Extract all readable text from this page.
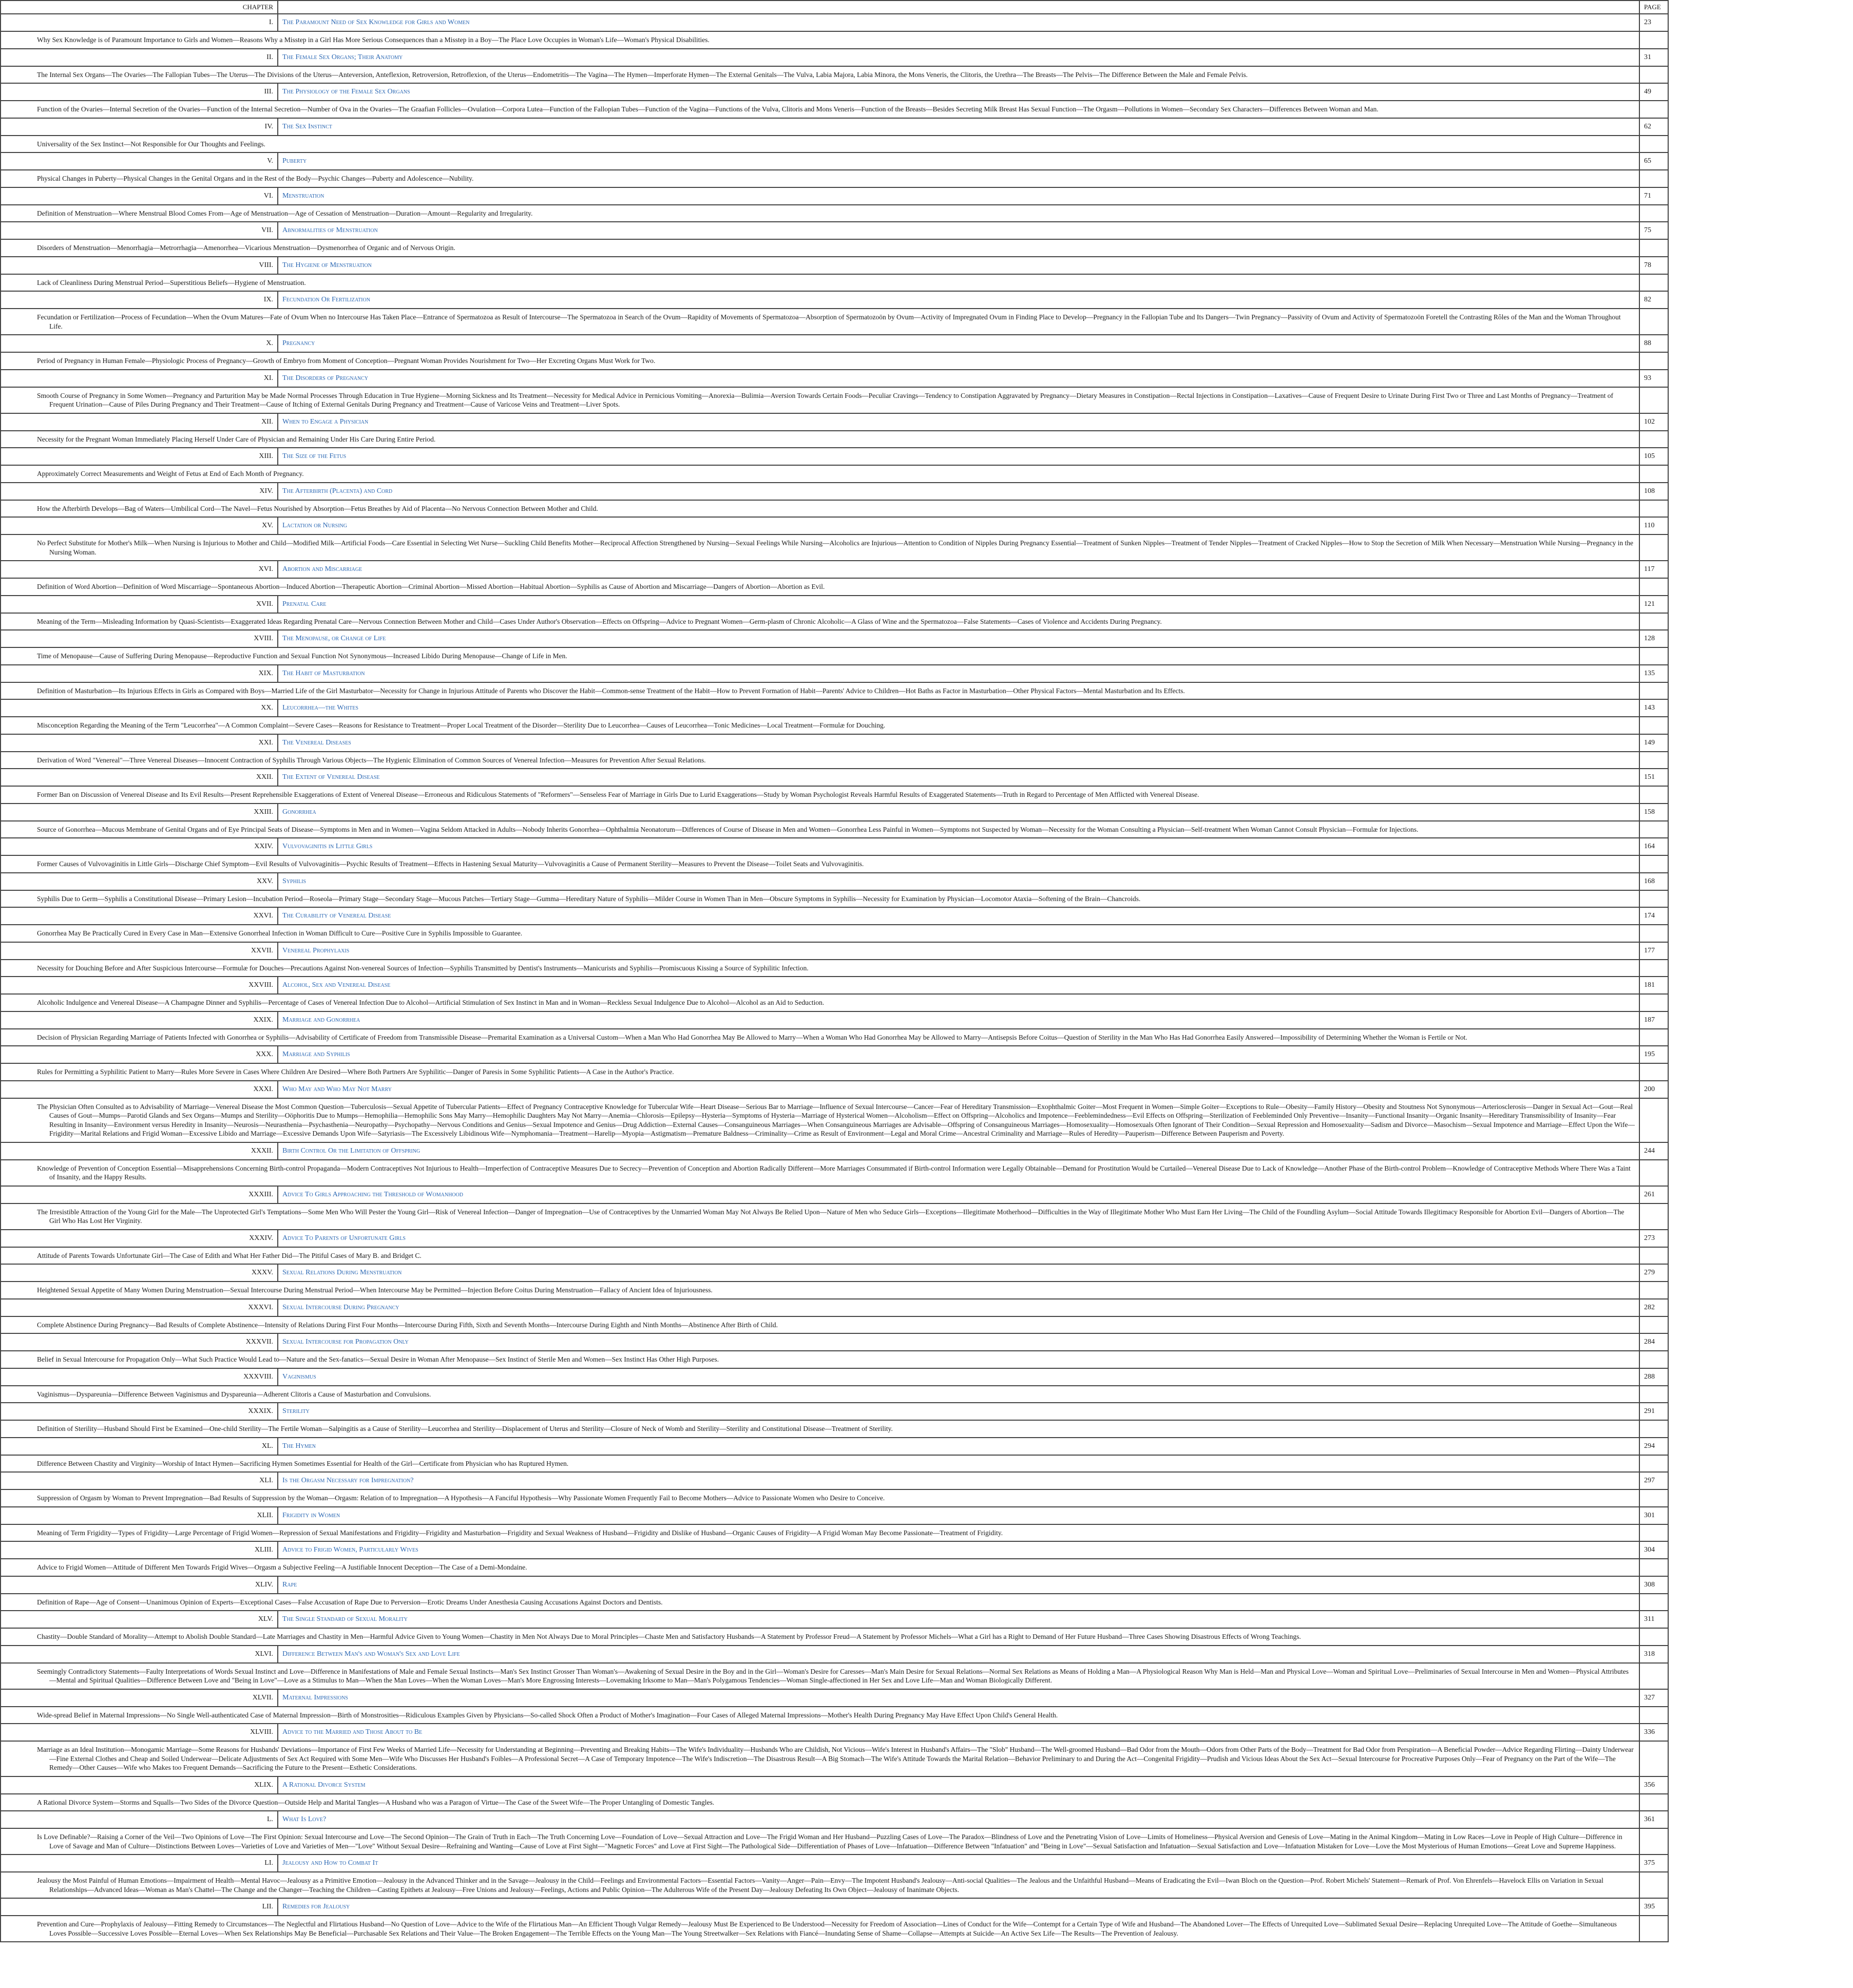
CHAPTER		PAGE
I.	The Paramount Need of Sex Knowledge for Girls and Women	23
Why Sex Knowledge is of Paramount Importance to Girls and Women—Reasons Why a Misstep in a Girl Has More Serious Consequences than a Misstep in a Boy—The Place Love Occupies in Woman's Life—Woman's Physical Disabilities.		
II.	The Female Sex Organs; Their Anatomy	31
The Internal Sex Organs—The Ovaries—The Fallopian Tubes—The Uterus—The Divisions of the Uterus—Anteversion, Anteflexion, Retroversion, Retroflexion, of the Uterus—Endometritis—The Vagina—The Hymen—Imperforate Hymen—The External Genitals—The Vulva, Labia Majora, Labia Minora, the Mons Veneris, the Clitoris, the Urethra—The Breasts—The Pelvis—The Difference Between the Male and Female Pelvis.		
III.	The Physiology of the Female Sex Organs	49
Function of the Ovaries—Internal Secretion of the Ovaries—Function of the Internal Secretion—Number of Ova in the Ovaries—The Graafian Follicles—Ovulation—Corpora Lutea—Function of the Fallopian Tubes—Function of the Vagina—Functions of the Vulva, Clitoris and Mons Veneris—Function of the Breasts—Besides Secreting Milk Breast Has Sexual Function—The Orgasm—Pollutions in Women—Secondary Sex Characters—Differences Between Woman and Man.		
IV.	The Sex Instinct	62
Universality of the Sex Instinct—Not Responsible for Our Thoughts and Feelings.		
V.	Puberty	65
Physical Changes in Puberty—Physical Changes in the Genital Organs and in the Rest of the Body—Psychic Changes—Puberty and Adolescence—Nubility.		
VI.	Menstruation	71
Definition of Menstruation—Where Menstrual Blood Comes From—Age of Menstruation—Age of Cessation of Menstruation—Duration—Amount—Regularity and Irregularity.		
VII.	Abnormalities of Menstruation	75
Disorders of Menstruation—Menorrhagia—Metrorrhagia—Amenorrhea—Vicarious Menstruation—Dysmenorrhea of Organic and of Nervous Origin.		
VIII.	The Hygiene of Menstruation	78
Lack of Cleanliness During Menstrual Period—Superstitious Beliefs—Hygiene of Menstruation.		
IX.	Fecundation Or Fertilization	82
Fecundation or Fertilization—Process of Fecundation—When the Ovum Matures—Fate of Ovum When no Intercourse Has Taken Place—Entrance of Spermatozoa as Result of Intercourse—The Spermatozoa in Search of the Ovum—Rapidity of Movements of Spermatozoa—Absorption of Spermatozoön by Ovum—Activity of Impregnated Ovum in Finding Place to Develop—Pregnancy in the Fallopian Tube and Its Dangers—Twin Pregnancy—Passivity of Ovum and Activity of Spermatozoön Foretell the Contrasting Rôles of the Man and the Woman Throughout Life.		
X.	Pregnancy	88
Period of Pregnancy in Human Female—Physiologic Process of Pregnancy—Growth of Embryo from Moment of Conception—Pregnant Woman Provides Nourishment for Two—Her Excreting Organs Must Work for Two.		
XI.	The Disorders of Pregnancy	93
Smooth Course of Pregnancy in Some Women—Pregnancy and Parturition May be Made Normal Processes Through Education in True Hygiene—Morning Sickness and Its Treatment—Necessity for Medical Advice in Pernicious Vomiting—Anorexia—Bulimia—Aversion Towards Certain Foods—Peculiar Cravings—Tendency to Constipation Aggravated by Pregnancy—Dietary Measures in Constipation—Rectal Injections in Constipation—Laxatives—Cause of Frequent Desire to Urinate During First Two or Three and Last Months of Pregnancy—Treatment of Frequent Urination—Cause of Piles During Pregnancy and Their Treatment—Cause of Itching of External Genitals During Pregnancy and Treatment—Cause of Varicose Veins and Treatment—Liver Spots.		
XII.	When to Engage a Physician	102
Necessity for the Pregnant Woman Immediately Placing Herself Under Care of Physician and Remaining Under His Care During Entire Period.		
XIII.	The Size of the Fetus	105
Approximately Correct Measurements and Weight of Fetus at End of Each Month of Pregnancy.		
XIV.	The Afterbirth (Placenta) and Cord	108
How the Afterbirth Develops—Bag of Waters—Umbilical Cord—The Navel—Fetus Nourished by Absorption—Fetus Breathes by Aid of Placenta—No Nervous Connection Between Mother and Child.		
XV.	Lactation or Nursing	110
No Perfect Substitute for Mother's Milk—When Nursing is Injurious to Mother and Child—Modified Milk—Artificial Foods—Care Essential in Selecting Wet Nurse—Suckling Child Benefits Mother—Reciprocal Affection Strengthened by Nursing—Sexual Feelings While Nursing—Alcoholics are Injurious—Attention to Condition of Nipples During Pregnancy Essential—Treatment of Sunken Nipples—Treatment of Tender Nipples—Treatment of Cracked Nipples—How to Stop the Secretion of Milk When Necessary—Menstruation While Nursing—Pregnancy in the Nursing Woman.		
XVI.	Abortion and Miscarriage	117
Definition of Word Abortion—Definition of Word Miscarriage—Spontaneous Abortion—Induced Abortion—Therapeutic Abortion—Criminal Abortion—Missed Abortion—Habitual Abortion—Syphilis as Cause of Abortion and Miscarriage—Dangers of Abortion—Abortion as Evil.		
XVII.	Prenatal Care	121
Meaning of the Term—Misleading Information by Quasi-Scientists—Exaggerated Ideas Regarding Prenatal Care—Nervous Connection Between Mother and Child—Cases Under Author's Observation—Effects on Offspring—Advice to Pregnant Women—Germ-plasm of Chronic Alcoholic—A Glass of Wine and the Spermatozoa—False Statements—Cases of Violence and Accidents During Pregnancy.		
XVIII.	The Menopause, or Change of Life	128
Time of Menopause—Cause of Suffering During Menopause—Reproductive Function and Sexual Function Not Synonymous—Increased Libido During Menopause—Change of Life in Men.		
XIX.	The Habit of Masturbation	135
Definition of Masturbation—Its Injurious Effects in Girls as Compared with Boys—Married Life of the Girl Masturbator—Necessity for Change in Injurious Attitude of Parents who Discover the Habit—Common-sense Treatment of the Habit—How to Prevent Formation of Habit—Parents' Advice to Children—Hot Baths as Factor in Masturbation—Other Physical Factors—Mental Masturbation and Its Effects.		
XX.	Leucorrhea—the Whites	143
Misconception Regarding the Meaning of the Term "Leucorrhea"—A Common Complaint—Severe Cases—Reasons for Resistance to Treatment—Proper Local Treatment of the Disorder—Sterility Due to Leucorrhea—Causes of Leucorrhea—Tonic Medicines—Local Treatment—Formulæ for Douching.		
XXI.	The Venereal Diseases	149
Derivation of Word "Venereal"—Three Venereal Diseases—Innocent Contraction of Syphilis Through Various Objects—The Hygienic Elimination of Common Sources of Venereal Infection—Measures for Prevention After Sexual Relations.		
XXII.	The Extent of Venereal Disease	151
Former Ban on Discussion of Venereal Disease and Its Evil Results—Present Reprehensible Exaggerations of Extent of Venereal Disease—Erroneous and Ridiculous Statements of "Reformers"—Senseless Fear of Marriage in Girls Due to Lurid Exaggerations—Study by Woman Psychologist Reveals Harmful Results of Exaggerated Statements—Truth in Regard to Percentage of Men Afflicted with Venereal Disease.		
XXIII.	Gonorrhea	158
Source of Gonorrhea—Mucous Membrane of Genital Organs and of Eye Principal Seats of Disease—Symptoms in Men and in Women—Vagina Seldom Attacked in Adults—Nobody Inherits Gonorrhea—Ophthalmia Neonatorum—Differences of Course of Disease in Men and Women—Gonorrhea Less Painful in Women—Symptoms not Suspected by Woman—Necessity for the Woman Consulting a Physician—Self-treatment When Woman Cannot Consult Physician—Formulæ for Injections.		
XXIV.	Vulvovaginitis in Little Girls	164
Former Causes of Vulvovaginitis in Little Girls—Discharge Chief Symptom—Evil Results of Vulvovaginitis—Psychic Results of Treatment—Effects in Hastening Sexual Maturity—Vulvovaginitis a Cause of Permanent Sterility—Measures to Prevent the Disease—Toilet Seats and Vulvovaginitis.		
XXV.	Syphilis	168
Syphilis Due to Germ—Syphilis a Constitutional Disease—Primary Lesion—Incubation Period—Roseola—Primary Stage—Secondary Stage—Mucous Patches—Tertiary Stage—Gumma—Hereditary Nature of Syphilis—Milder Course in Women Than in Men—Obscure Symptoms in Syphilis—Necessity for Examination by Physician—Locomotor Ataxia—Softening of the Brain—Chancroids.		
XXVI.	The Curability of Venereal Disease	174
Gonorrhea May Be Practically Cured in Every Case in Man—Extensive Gonorrheal Infection in Woman Difficult to Cure—Positive Cure in Syphilis Impossible to Guarantee.		
XXVII.	Venereal Prophylaxis	177
Necessity for Douching Before and After Suspicious Intercourse—Formulæ for Douches—Precautions Against Non-venereal Sources of Infection—Syphilis Transmitted by Dentist's Instruments—Manicurists and Syphilis—Promiscuous Kissing a Source of Syphilitic Infection.		
XXVIII.	Alcohol, Sex and Venereal Disease	181
Alcoholic Indulgence and Venereal Disease—A Champagne Dinner and Syphilis—Percentage of Cases of Venereal Infection Due to Alcohol—Artificial Stimulation of Sex Instinct in Man and in Woman—Reckless Sexual Indulgence Due to Alcohol—Alcohol as an Aid to Seduction.		
XXIX.	Marriage and Gonorrhea	187
Decision of Physician Regarding Marriage of Patients Infected with Gonorrhea or Syphilis—Advisability of Certificate of Freedom from Transmissible Disease—Premarital Examination as a Universal Custom—When a Man Who Had Gonorrhea May Be Allowed to Marry—When a Woman Who Had Gonorrhea May be Allowed to Marry—Antisepsis Before Coitus—Question of Sterility in the Man Who Has Had Gonorrhea Easily Answered—Impossibility of Determining Whether the Woman is Fertile or Not.		
XXX.	Marriage and Syphilis	195
Rules for Permitting a Syphilitic Patient to Marry—Rules More Severe in Cases Where Children Are Desired—Where Both Partners Are Syphilitic—Danger of Paresis in Some Syphilitic Patients—A Case in the Author's Practice.		
XXXI.	Who May and Who May Not Marry	200
The Physician Often Consulted as to Advisability of Marriage—Venereal Disease the Most Common Question—Tuberculosis—Sexual Appetite of Tubercular Patients—Effect of Pregnancy Contraceptive Knowledge for Tubercular Wife—Heart Disease—Serious Bar to Marriage—Influence of Sexual Intercourse—Cancer—Fear of Hereditary Transmission—Exophthalmic Goiter—Most Frequent in Women—Simple Goiter—Exceptions to Rule—Obesity—Family History—Obesity and Stoutness Not Synonymous—Arteriosclerosis—Danger in Sexual Act—Gout—Real Causes of Gout—Mumps—Parotid Glands and Sex Organs—Mumps and Sterility—Oöphoritis Due to Mumps—Hemophilia—Hemophilic Sons May Marry—Hemophilic Daughters May Not Marry—Anemia—Chlorosis—Epilepsy—Hysteria—Symptoms of Hysteria—Marriage of Hysterical Women—Alcoholism—Effect on Offspring—Alcoholics and Impotence—Feeblemindedness—Evil Effects on Offspring—Sterilization of Feebleminded Only Preventive—Insanity—Functional Insanity—Organic Insanity—Hereditary Transmissibility of Insanity—Fear Resulting in Insanity—Environment versus Heredity in Insanity—Neurosis—Neurasthenia—Psychasthenia—Neuropathy—Psychopathy—Nervous Conditions and Genius—Sexual Impotence and Genius—Drug Addiction—External Causes—Consanguineous Marriages—When Consanguineous Marriages are Advisable—Offspring of Consanguineous Marriages—Homosexuality—Homosexuals Often Ignorant of Their Condition—Sexual Repression and Homosexuality—Sadism and Divorce—Masochism—Sexual Impotence and Marriage—Effect Upon the Wife—Frigidity—Marital Relations and Frigid Woman—Excessive Libido and Marriage—Excessive Demands Upon Wife—Satyriasis—The Excessively Libidinous Wife—Nymphomania—Treatment—Harelip—Myopia—Astigmatism—Premature Baldness—Criminality—Crime as Result of Environment—Legal and Moral Crime—Ancestral Criminality and Marriage—Rules of Heredity—Pauperism—Difference Between Pauperism and Poverty.		
XXXII.	Birth Control Or the Limitation of Offspring	244
Knowledge of Prevention of Conception Essential—Misapprehensions Concerning Birth-control Propaganda—Modern Contraceptives Not Injurious to Health—Imperfection of Contraceptive Measures Due to Secrecy—Prevention of Conception and Abortion Radically Different—More Marriages Consummated if Birth-control Information were Legally Obtainable—Demand for Prostitution Would be Curtailed—Venereal Disease Due to Lack of Knowledge—Another Phase of the Birth-control Problem—Knowledge of Contraceptive Methods Where There Was a Taint of Insanity, and the Happy Results.		
XXXIII.	Advice To Girls Approaching the Threshold of Womanhood	261
The Irresistible Attraction of the Young Girl for the Male—The Unprotected Girl's Temptations—Some Men Who Will Pester the Young Girl—Risk of Venereal Infection—Danger of Impregnation—Use of Contraceptives by the Unmarried Woman May Not Always Be Relied Upon—Nature of Men who Seduce Girls—Exceptions—Illegitimate Motherhood—Difficulties in the Way of Illegitimate Mother Who Must Earn Her Living—The Child of the Foundling Asylum—Social Attitude Towards Illegitimacy Responsible for Abortion Evil—Dangers of Abortion—The Girl Who Has Lost Her Virginity.		
XXXIV.	Advice To Parents of Unfortunate Girls	273
Attitude of Parents Towards Unfortunate Girl—The Case of Edith and What Her Father Did—The Pitiful Cases of Mary B. and Bridget C.		
XXXV.	Sexual Relations During Menstruation	279
Heightened Sexual Appetite of Many Women During Menstruation—Sexual Intercourse During Menstrual Period—When Intercourse May be Permitted—Injection Before Coitus During Menstruation—Fallacy of Ancient Idea of Injuriousness.		
XXXVI.	Sexual Intercourse During Pregnancy	282
Complete Abstinence During Pregnancy—Bad Results of Complete Abstinence—Intensity of Relations During First Four Months—Intercourse During Fifth, Sixth and Seventh Months—Intercourse During Eighth and Ninth Months—Abstinence After Birth of Child.		
XXXVII.	Sexual Intercourse for Propagation Only	284
Belief in Sexual Intercourse for Propagation Only—What Such Practice Would Lead to—Nature and the Sex-fanatics—Sexual Desire in Woman After Menopause—Sex Instinct of Sterile Men and Women—Sex Instinct Has Other High Purposes.		
XXXVIII.	Vaginismus	288
Vaginismus—Dyspareunia—Difference Between Vaginismus and Dyspareunia—Adherent Clitoris a Cause of Masturbation and Convulsions.		
XXXIX.	Sterility	291
Definition of Sterility—Husband Should First be Examined—One-child Sterility—The Fertile Woman—Salpingitis as a Cause of Sterility—Leucorrhea and Sterility—Displacement of Uterus and Sterility—Closure of Neck of Womb and Sterility—Sterility and Constitutional Disease—Treatment of Sterility.		
XL.	The Hymen	294
Difference Between Chastity and Virginity—Worship of Intact Hymen—Sacrificing Hymen Sometimes Essential for Health of the Girl—Certificate from Physician who has Ruptured Hymen.		
XLI.	Is the Orgasm Necessary for Impregnation?	297
Suppression of Orgasm by Woman to Prevent Impregnation—Bad Results of Suppression by the Woman—Orgasm: Relation of to Impregnation—A Hypothesis—A Fanciful Hypothesis—Why Passionate Women Frequently Fail to Become Mothers—Advice to Passionate Women who Desire to Conceive.		
XLII.	Frigidity in Women	301
Meaning of Term Frigidity—Types of Frigidity—Large Percentage of Frigid Women—Repression of Sexual Manifestations and Frigidity—Frigidity and Masturbation—Frigidity and Sexual Weakness of Husband—Frigidity and Dislike of Husband—Organic Causes of Frigidity—A Frigid Woman May Become Passionate—Treatment of Frigidity.		
XLIII.	Advice to Frigid Women, Particularly Wives	304
Advice to Frigid Women—Attitude of Different Men Towards Frigid Wives—Orgasm a Subjective Feeling—A Justifiable Innocent Deception—The Case of a Demi-Mondaine.		
XLIV.	Rape	308
Definition of Rape—Age of Consent—Unanimous Opinion of Experts—Exceptional Cases—False Accusation of Rape Due to Perversion—Erotic Dreams Under Anesthesia Causing Accusations Against Doctors and Dentists.		
XLV.	The Single Standard of Sexual Morality	311
Chastity—Double Standard of Morality—Attempt to Abolish Double Standard—Late Marriages and Chastity in Men—Harmful Advice Given to Young Women—Chastity in Men Not Always Due to Moral Principles—Chaste Men and Satisfactory Husbands—A Statement by Professor Freud—A Statement by Professor Michels—What a Girl has a Right to Demand of Her Future Husband—Three Cases Showing Disastrous Effects of Wrong Teachings.		
XLVI.	Difference Between Man's and Woman's Sex and Love Life	318
Seemingly Contradictory Statements—Faulty Interpretations of Words Sexual Instinct and Love—Difference in Manifestations of Male and Female Sexual Instincts—Man's Sex Instinct Grosser Than Woman's—Awakening of Sexual Desire in the Boy and in the Girl—Woman's Desire for Caresses—Man's Main Desire for Sexual Relations—Normal Sex Relations as Means of Holding a Man—A Physiological Reason Why Man is Held—Man and Physical Love—Woman and Spiritual Love—Preliminaries of Sexual Intercourse in Men and Women—Physical Attributes—Mental and Spiritual Qualities—Difference Between Love and "Being in Love"—Love as a Stimulus to Man—When the Man Loves—When the Woman Loves—Man's More Engrossing Interests—Lovemaking Irksome to Man—Man's Polygamous Tendencies—Woman Single-affectioned in Her Sex and Love Life—Man and Woman Biologically Different.		
XLVII.	Maternal Impressions	327
Wide-spread Belief in Maternal Impressions—No Single Well-authenticated Case of Maternal Impression—Birth of Monstrosities—Ridiculous Examples Given by Physicians—So-called Shock Often a Product of Mother's Imagination—Four Cases of Alleged Maternal Impressions—Mother's Health During Pregnancy May Have Effect Upon Child's General Health.		
XLVIII.	Advice to the Married and Those About to Be	336
Marriage as an Ideal Institution—Monogamic Marriage—Some Reasons for Husbands' Deviations—Importance of First Few Weeks of Married Life—Necessity for Understanding at Beginning—Preventing and Breaking Habits—The Wife's Individuality—Husbands Who are Childish, Not Vicious—Wife's Interest in Husband's Affairs—The "Slob" Husband—The Well-groomed Husband—Bad Odor from the Mouth—Odors from Other Parts of the Body—Treatment for Bad Odor from Perspiration—A Beneficial Powder—Advice Regarding Flirting—Dainty Underwear—Fine External Clothes and Cheap and Soiled Underwear—Delicate Adjustments of Sex Act Required with Some Men—Wife Who Discusses Her Husband's Foibles—A Professional Secret—A Case of Temporary Impotence—The Wife's Indiscretion—The Disastrous Result—A Big Stomach—The Wife's Attitude Towards the Marital Relation—Behavior Preliminary to and During the Act—Congenital Frigidity—Prudish and Vicious Ideas About the Sex Act—Sexual Intercourse for Procreative Purposes Only—Fear of Pregnancy on the Part of the Wife—The Remedy—Other Causes—Wife who Makes too Frequent Demands—Sacrificing the Future to the Present—Esthetic Considerations.		
XLIX.	A Rational Divorce System	356
A Rational Divorce System—Storms and Squalls—Two Sides of the Divorce Question—Outside Help and Marital Tangles—A Husband who was a Paragon of Virtue—The Case of the Sweet Wife—The Proper Untangling of Domestic Tangles.		
L.	What Is Love?	361
Is Love Definable?—Raising a Corner of the Veil—Two Opinions of Love—The First Opinion: Sexual Intercourse and Love—The Second Opinion—The Grain of Truth in Each—The Truth Concerning Love—Foundation of Love—Sexual Attraction and Love—The Frigid Woman and Her Husband—Puzzling Cases of Love—The Paradox—Blindness of Love and the Penetrating Vision of Love—Limits of Homeliness—Physical Aversion and Genesis of Love—Mating in the Animal Kingdom—Mating in Low Races—Love in People of High Culture—Difference in Love of Savage and Man of Culture—Distinctions Between Loves—Varieties of Love and Varieties of Men—"Love" Without Sexual Desire—Refraining and Wanting—Cause of Love at First Sight—"Magnetic Forces" and Love at First Sight—The Pathological Side—Differentiation of Phases of Love—Infatuation—Difference Between "Infatuation" and "Being in Love"—Sexual Satisfaction and Infatuation—Sexual Satisfaction and Love—Infatuation Mistaken for Love—Love the Most Mysterious of Human Emotions—Great Love and Supreme Happiness.		
LI.	Jealousy and How to Combat It	375
Jealousy the Most Painful of Human Emotions—Impairment of Health—Mental Havoc—Jealousy as a Primitive Emotion—Jealousy in the Advanced Thinker and in the Savage—Jealousy in the Child—Feelings and Environmental Factors—Essential Factors—Vanity—Anger—Pain—Envy—The Impotent Husband's Jealousy—Anti-social Qualities—The Jealous and the Unfaithful Husband—Means of Eradicating the Evil—Iwan Bloch on the Question—Prof. Robert Michels' Statement—Remark of Prof. Von Ehrenfels—Havelock Ellis on Variation in Sexual Relationships—Advanced Ideas—Woman as Man's Chattel—The Change and the Changer—Teaching the Children—Casting Epithets at Jealousy—Free Unions and Jealousy—Feelings, Actions and Public Opinion—The Adulterous Wife of the Present Day—Jealousy Defeating Its Own Object—Jealousy of Inanimate Objects.		
LII.	Remedies for Jealousy	395
Prevention and Cure—Prophylaxis of Jealousy—Fitting Remedy to Circumstances—The Neglectful and Flirtatious Husband—No Question of Love—Advice to the Wife of the Flirtatious Man—An Efficient Though Vulgar Remedy—Jealousy Must Be Experienced to Be Understood—Necessity for Freedom of Association—Lines of Conduct for the Wife—Contempt for a Certain Type of Wife and Husband—The Abandoned Lover—The Effects of Unrequited Love—Sublimated Sexual Desire—Replacing Unrequited Love—The Attitude of Goethe—Simultaneous Loves Possible—Successive Loves Possible—Eternal Loves—When Sex Relationships May Be Beneficial—Purchasable Sex Relations and Their Value—The Broken Engagement—The Terrible Effects on the Young Man—The Young Streetwalker—Sex Relations with Fiancé—Inundating Sense of Shame—Collapse—Attempts at Suicide—An Active Sex Life—The Results—The Prevention of Jealousy.		
